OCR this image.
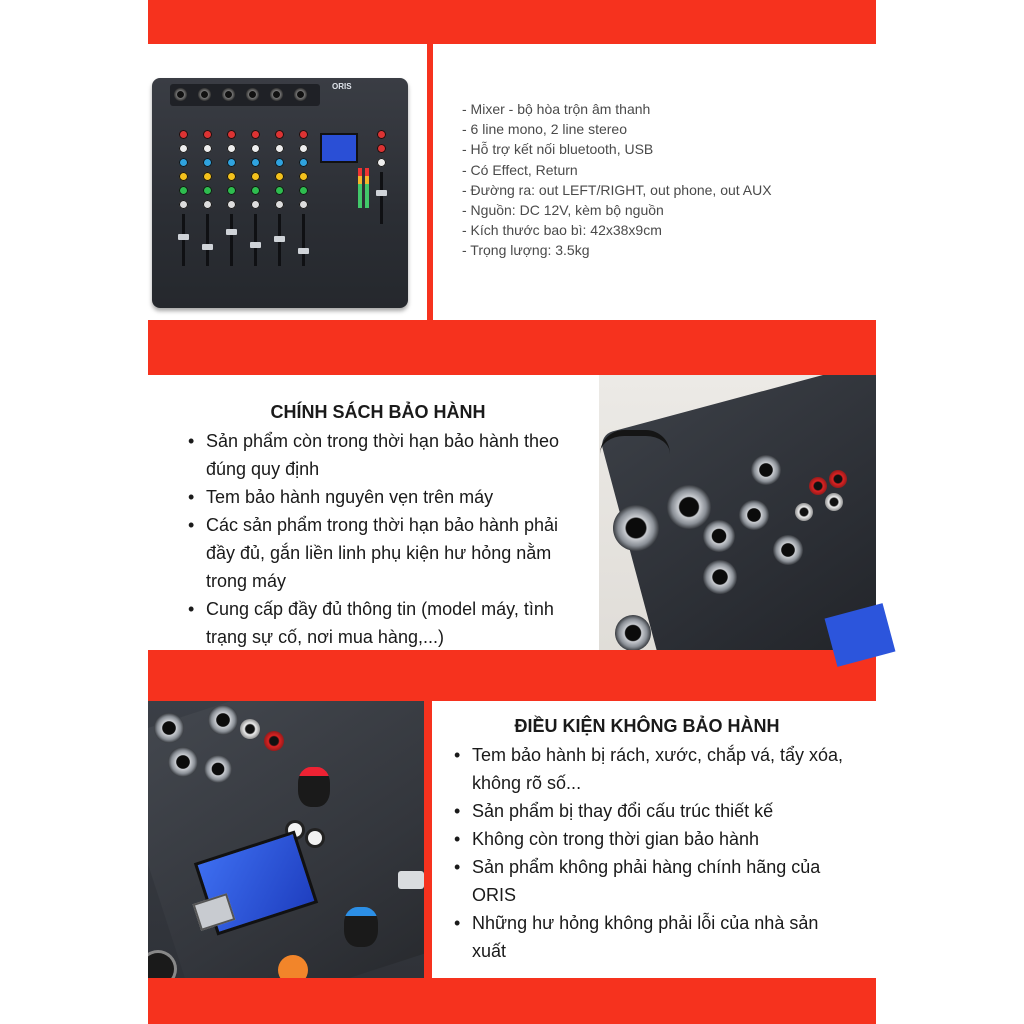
ORIS
- Mixer - bộ hòa trộn âm thanh
- 6 line mono, 2 line stereo
- Hỗ trợ kết nối bluetooth, USB
- Có Effect, Return
- Đường ra: out LEFT/RIGHT, out phone, out AUX
- Nguồn: DC 12V, kèm bộ nguồn
- Kích thước bao bì: 42x38x9cm
- Trọng lượng: 3.5kg
CHÍNH SÁCH BẢO HÀNH
• Sản phẩm còn trong thời hạn bảo hành theo đúng quy định
• Tem bảo hành nguyên vẹn trên máy
• Các sản phẩm trong thời hạn bảo hành phải đầy đủ, gắn liền linh phụ kiện hư hỏng nằm trong máy
• Cung cấp đầy đủ thông tin (model máy, tình trạng sự cố, nơi mua hàng,...)
ĐIỀU KIỆN KHÔNG BẢO HÀNH
• Tem bảo hành bị rách, xước, chắp vá, tẩy xóa, không rõ số...
• Sản phẩm bị thay đổi cấu trúc thiết kế
• Không còn trong thời gian bảo hành
• Sản phẩm không phải hàng chính hãng của ORIS
• Những hư hỏng không phải lỗi của nhà sản xuất
